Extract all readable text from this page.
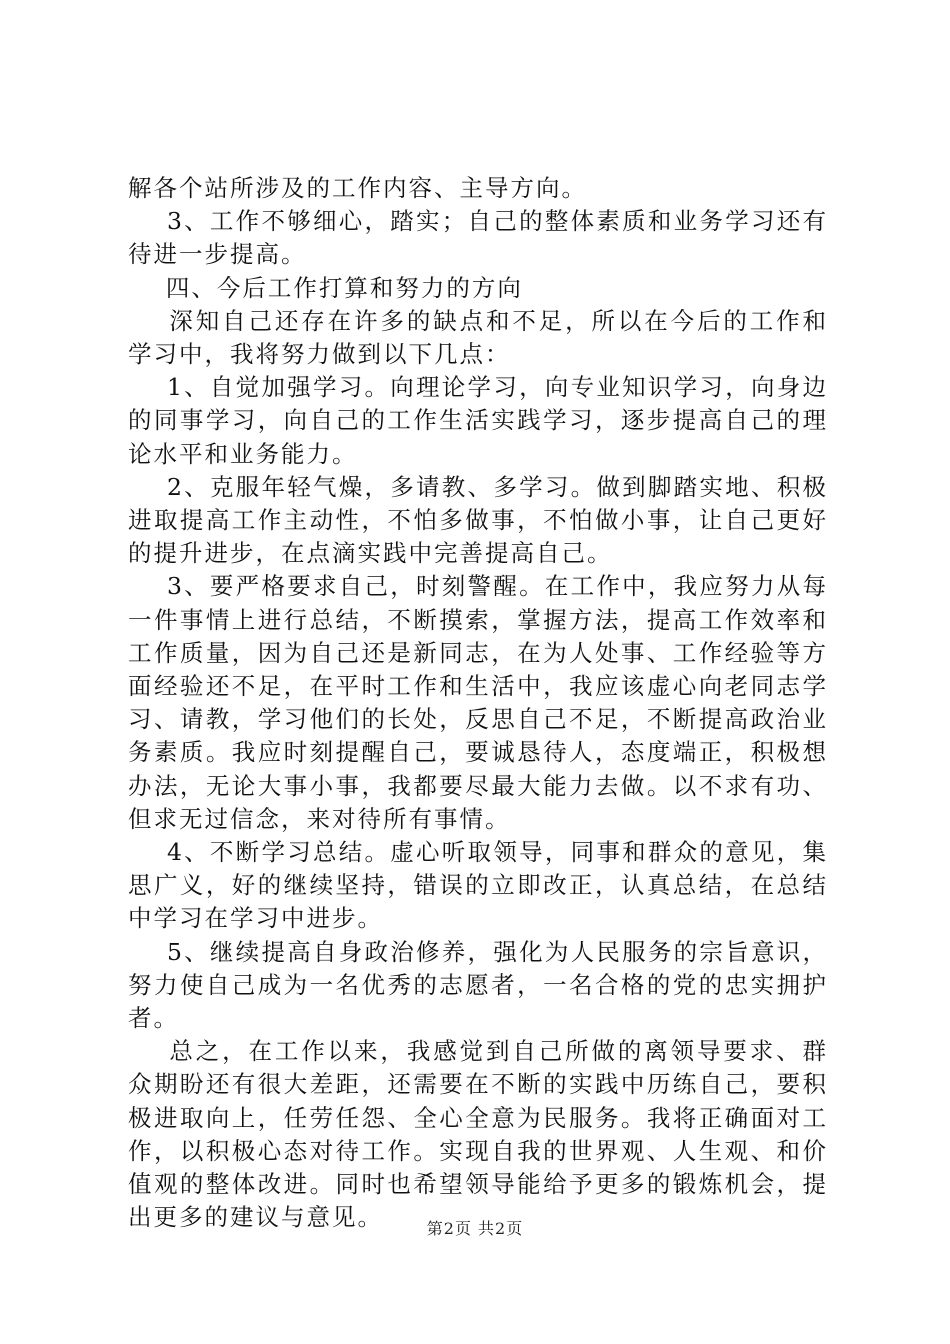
解各个站所涉及的工作内容、主导方向。

3、工作不够细心，踏实；自己的整体素质和业务学习还有待进一步提高。

四、今后工作打算和努力的方向

深知自己还存在许多的缺点和不足，所以在今后的工作和学习中，我将努力做到以下几点：

1、自觉加强学习。向理论学习，向专业知识学习，向身边的同事学习，向自己的工作生活实践学习，逐步提高自己的理论水平和业务能力。

2、克服年轻气燥，多请教、多学习。做到脚踏实地、积极进取提高工作主动性，不怕多做事，不怕做小事，让自己更好的提升进步，在点滴实践中完善提高自己。

3、要严格要求自己，时刻警醒。在工作中，我应努力从每一件事情上进行总结，不断摸索，掌握方法，提高工作效率和工作质量，因为自己还是新同志，在为人处事、工作经验等方面经验还不足，在平时工作和生活中，我应该虚心向老同志学习、请教，学习他们的长处，反思自己不足，不断提高政治业务素质。我应时刻提醒自己，要诚恳待人，态度端正，积极想办法，无论大事小事，我都要尽最大能力去做。以不求有功、但求无过信念，来对待所有事情。

4、不断学习总结。虚心听取领导，同事和群众的意见，集思广义，好的继续坚持，错误的立即改正，认真总结，在总结中学习在学习中进步。

5、继续提高自身政治修养，强化为人民服务的宗旨意识，努力使自己成为一名优秀的志愿者，一名合格的党的忠实拥护者。

总之，在工作以来，我感觉到自己所做的离领导要求、群众期盼还有很大差距，还需要在不断的实践中历练自己，要积极进取向上，任劳任怨、全心全意为民服务。我将正确面对工作，以积极心态对待工作。实现自我的世界观、人生观、和价值观的整体改进。同时也希望领导能给予更多的锻炼机会，提出更多的建议与意见。	第2页 共2页
